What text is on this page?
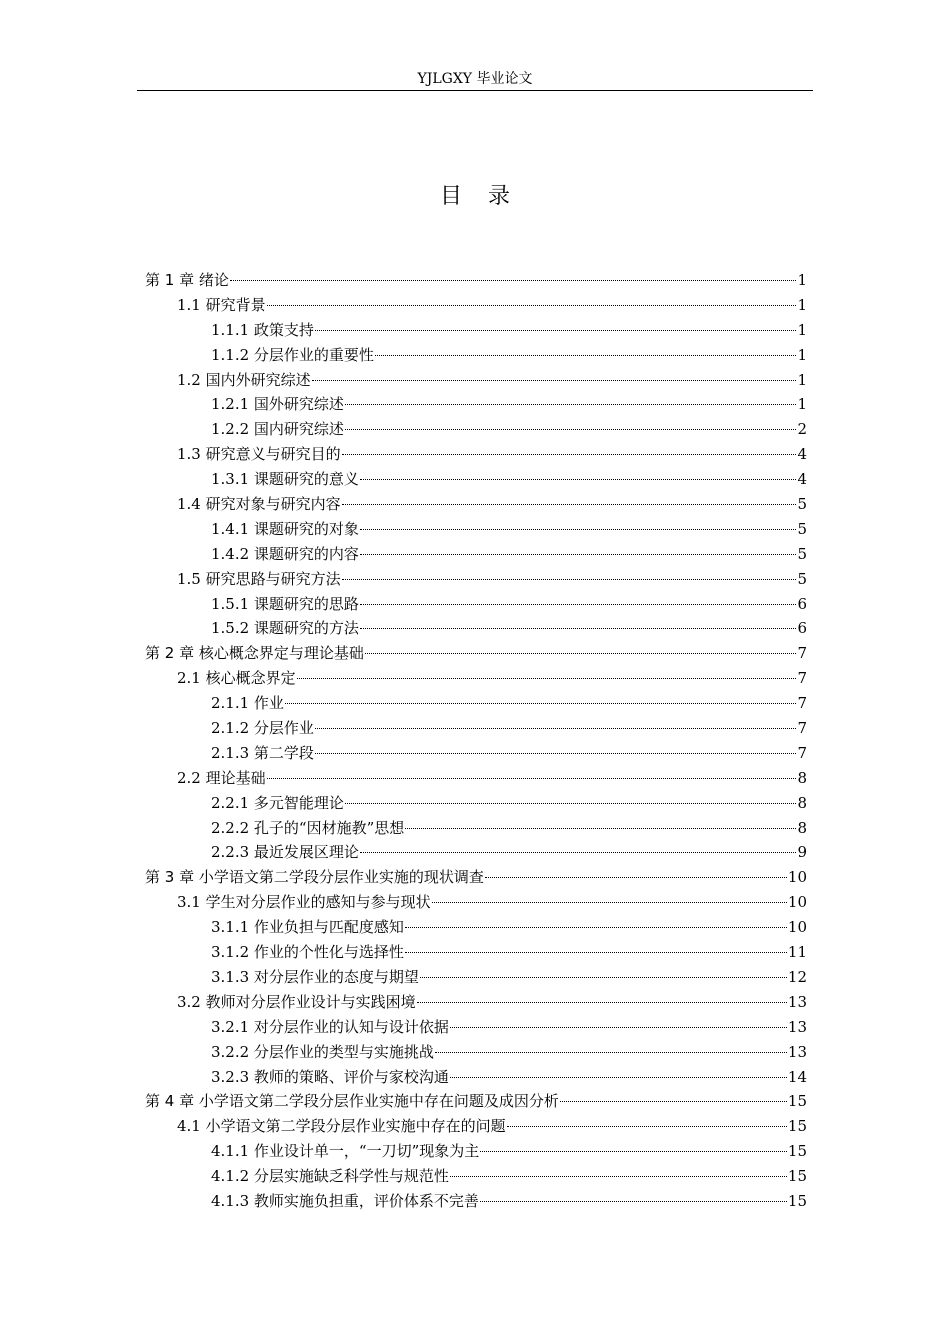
YJLGXY 毕业论文
目录
第 1 章 绪论	1
1.1 研究背景	1
1.1.1 政策支持	1
1.1.2 分层作业的重要性	1
1.2 国内外研究综述	1
1.2.1 国外研究综述	1
1.2.2 国内研究综述	2
1.3 研究意义与研究目的	4
1.3.1 课题研究的意义	4
1.4 研究对象与研究内容	5
1.4.1 课题研究的对象	5
1.4.2 课题研究的内容	5
1.5 研究思路与研究方法	5
1.5.1 课题研究的思路	6
1.5.2 课题研究的方法	6
第 2 章 核心概念界定与理论基础	7
2.1 核心概念界定	7
2.1.1 作业	7
2.1.2 分层作业	7
2.1.3 第二学段	7
2.2 理论基础	8
2.2.1 多元智能理论	8
2.2.2 孔子的“因材施教”思想	8
2.2.3 最近发展区理论	9
第 3 章 小学语文第二学段分层作业实施的现状调查	10
3.1 学生对分层作业的感知与参与现状	10
3.1.1 作业负担与匹配度感知	10
3.1.2 作业的个性化与选择性	11
3.1.3 对分层作业的态度与期望	12
3.2 教师对分层作业设计与实践困境	13
3.2.1 对分层作业的认知与设计依据	13
3.2.2 分层作业的类型与实施挑战	13
3.2.3 教师的策略、评价与家校沟通	14
第 4 章 小学语文第二学段分层作业实施中存在问题及成因分析	15
4.1 小学语文第二学段分层作业实施中存在的问题	15
4.1.1 作业设计单一，“一刀切”现象为主	15
4.1.2 分层实施缺乏科学性与规范性	15
4.1.3 教师实施负担重，评价体系不完善	15
